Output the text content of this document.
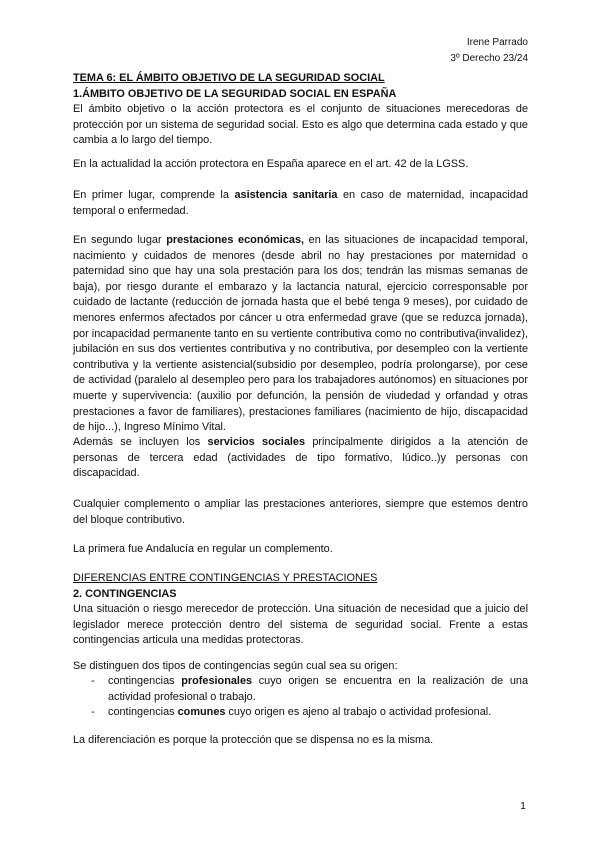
Irene Parrado
3º Derecho 23/24
TEMA 6: EL ÁMBITO OBJETIVO DE LA SEGURIDAD SOCIAL
1.ÁMBITO OBJETIVO DE LA SEGURIDAD SOCIAL EN ESPAÑA
El ámbito objetivo o la acción protectora es el conjunto de situaciones merecedoras de protección por un sistema de seguridad social. Esto es algo que determina cada estado y que cambia a lo largo del tiempo.
En la actualidad la acción protectora en España aparece en el art. 42 de la LGSS.
En primer lugar, comprende la asistencia sanitaria en caso de maternidad, incapacidad temporal o enfermedad.
En segundo lugar prestaciones económicas, en las situaciones de incapacidad temporal, nacimiento y cuidados de menores (desde abril no hay prestaciones por maternidad o paternidad sino que hay una sola prestación para los dos; tendrán las mismas semanas de baja), por riesgo durante el embarazo y la lactancia natural, ejercicio corresponsable por cuidado de lactante (reducción de jornada hasta que el bebé tenga 9 meses), por cuidado de menores enfermos afectados por cáncer u otra enfermedad grave (que se reduzca jornada), por incapacidad permanente tanto en su vertiente contributiva como no contributiva(invalidez), jubilación en sus dos vertientes contributiva y no contributiva, por desempleo con la vertiente contributiva y la vertiente asistencial(subsidio por desempleo, podría prolongarse), por cese de actividad (paralelo al desempleo pero para los trabajadores autónomos) en situaciones por muerte y supervivencia: (auxilio por defunción, la pensión de viudedad y orfandad y otras prestaciones a favor de familiares), prestaciones familiares (nacimiento de hijo, discapacidad de hijo...), Ingreso Mínimo Vital.
Además se incluyen los servicios sociales principalmente dirigidos a la atención de personas de tercera edad (actividades de tipo formativo, lúdico..)y personas con discapacidad.
Cualquier complemento o ampliar las prestaciones anteriores, siempre que estemos dentro del bloque contributivo.
La primera fue Andalucía en regular un complemento.
DIFERENCIAS ENTRE CONTINGENCIAS Y PRESTACIONES
2. CONTINGENCIAS
Una situación o riesgo merecedor de protección. Una situación de necesidad que a juicio del legislador merece protección dentro del sistema de seguridad social. Frente a estas contingencias articula una medidas protectoras.
Se distinguen dos tipos de contingencias según cual sea su origen:
- contingencias profesionales cuyo origen se encuentra en la realización de una actividad profesional o trabajo.
- contingencias comunes cuyo origen es ajeno al trabajo o actividad profesional.
La diferenciación es porque la protección que se dispensa no es la misma.
1
